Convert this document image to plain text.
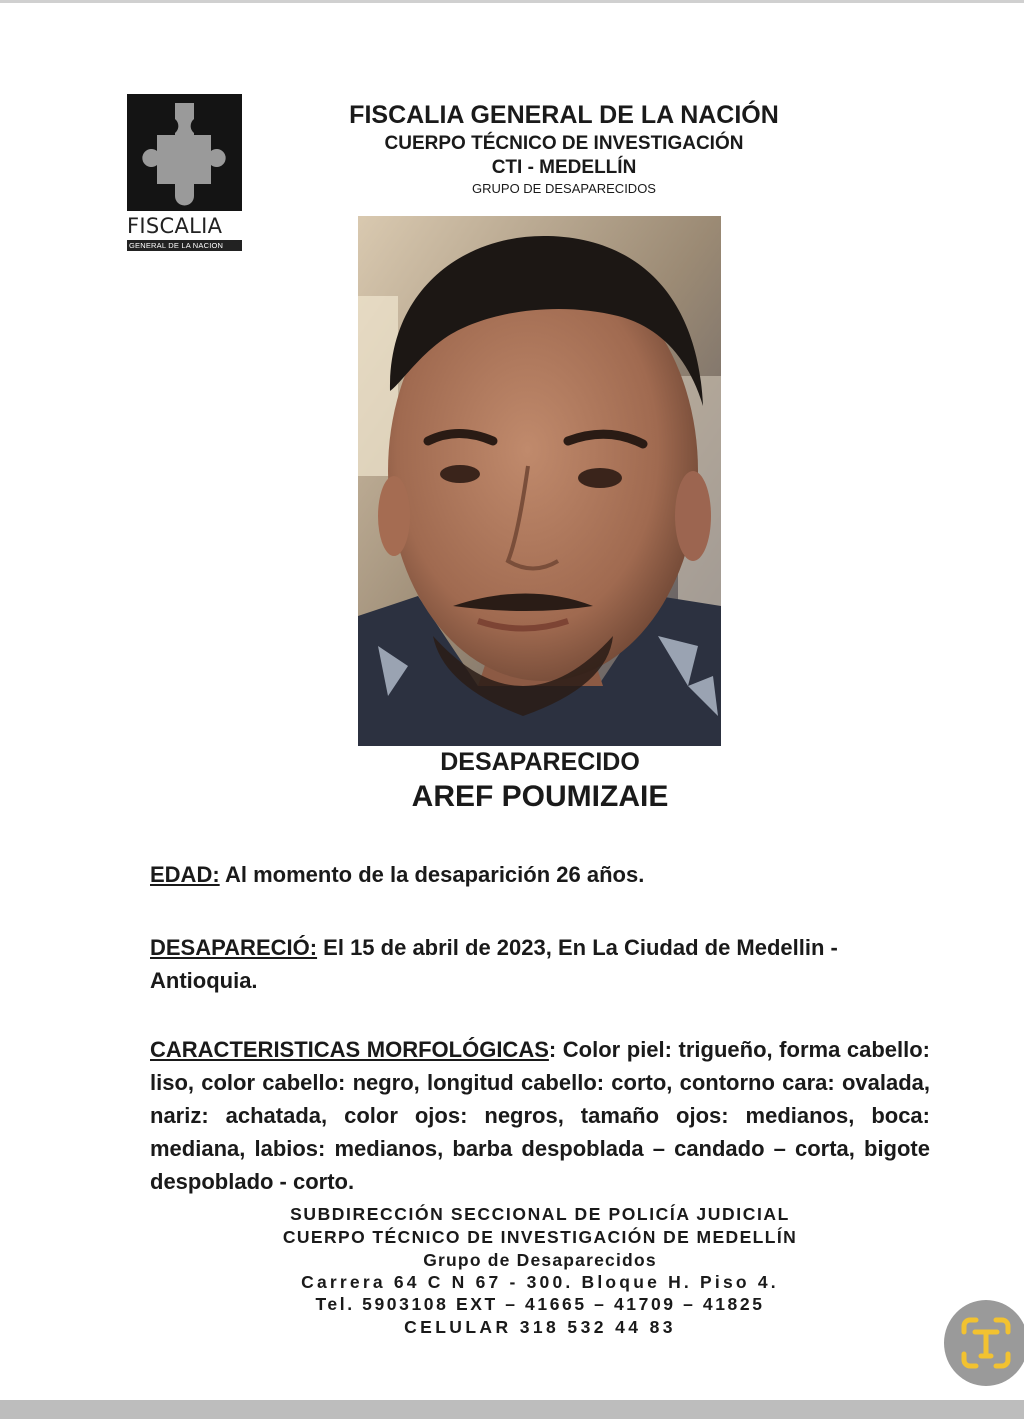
FISCALIA
GENERAL DE LA NACION
FISCALIA GENERAL DE LA NACIÓN
CUERPO TÉCNICO DE INVESTIGACIÓN
CTI - MEDELLÍN
GRUPO DE DESAPARECIDOS
DESAPARECIDO
AREF POUMIZAIE
EDAD: Al momento de la desaparición 26 años.
DESAPARECIÓ: El 15 de abril de 2023, En La Ciudad de Medellin - Antioquia.
CARACTERISTICAS MORFOLÓGICAS: Color piel: trigueño, forma cabello: liso, color cabello: negro, longitud cabello: corto, contorno cara: ovalada, nariz: achatada, color ojos: negros, tamaño ojos: medianos, boca: mediana, labios: medianos, barba despoblada – candado – corta, bigote despoblado - corto.
SUBDIRECCIÓN SECCIONAL DE POLICÍA JUDICIAL
CUERPO TÉCNICO DE INVESTIGACIÓN DE MEDELLÍN
Grupo de Desaparecidos
Carrera 64 C N 67 - 300. Bloque H. Piso 4.
Tel. 5903108 EXT – 41665 – 41709 – 41825
CELULAR 318 532 44 83
